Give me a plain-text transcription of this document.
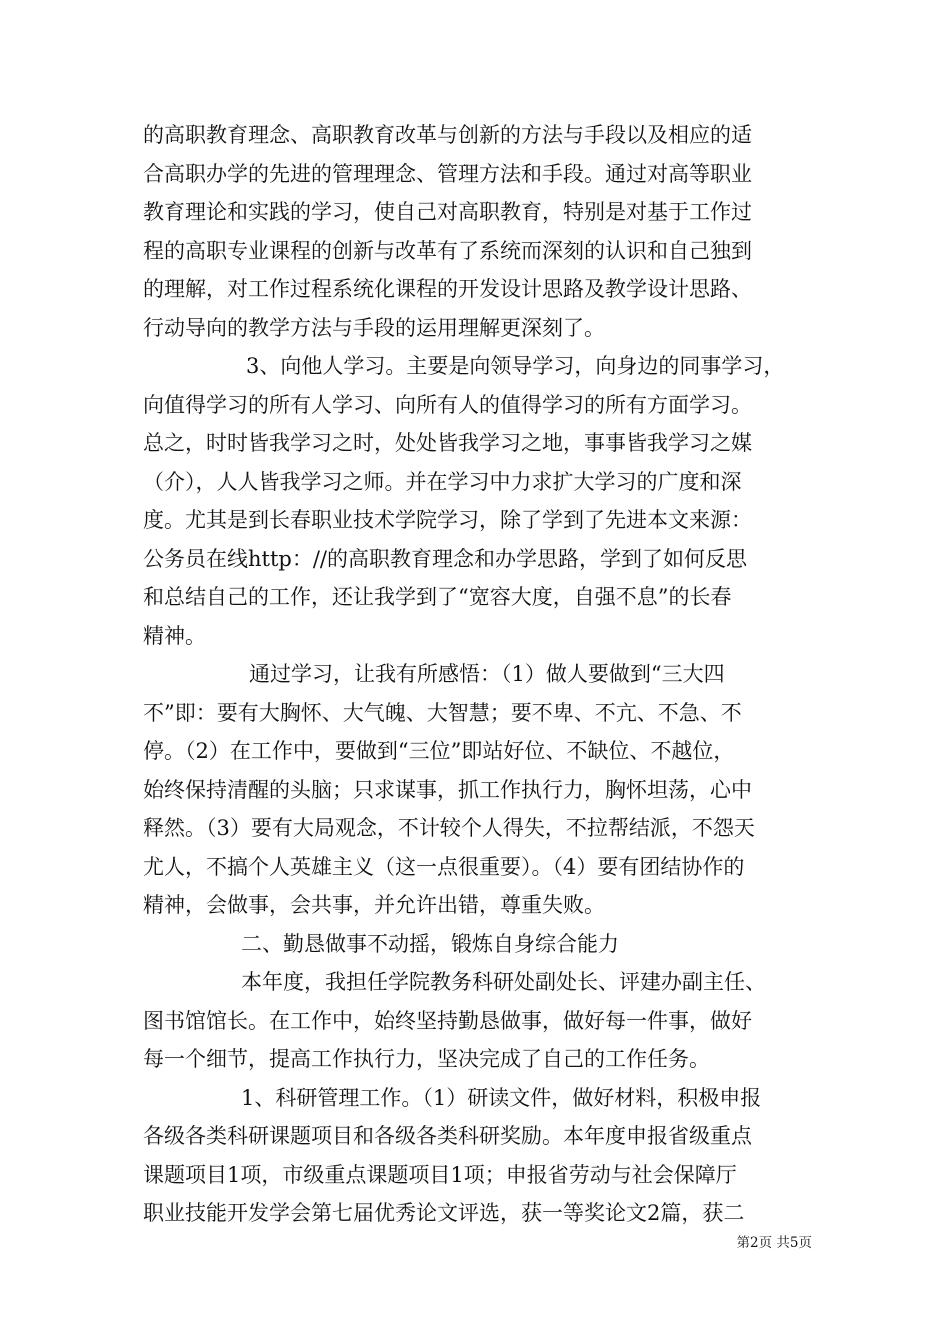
的高职教育理念、高职教育改革与创新的方法与手段以及相应的适
合高职办学的先进的管理理念、管理方法和手段。通过对高等职业
教育理论和实践的学习，使自己对高职教育，特别是对基于工作过
程的高职专业课程的创新与改革有了系统而深刻的认识和自己独到
的理解，对工作过程系统化课程的开发设计思路及教学设计思路、
行动导向的教学方法与手段的运用理解更深刻了。
3、向他人学习。主要是向领导学习，向身边的同事学习，
向值得学习的所有人学习、向所有人的值得学习的所有方面学习。
总之，时时皆我学习之时，处处皆我学习之地，事事皆我学习之媒
（介），人人皆我学习之师。并在学习中力求扩大学习的广度和深
度。尤其是到长春职业技术学院学习，除了学到了先进本文来源：
公务员在线http：//的高职教育理念和办学思路，学到了如何反思
和总结自己的工作，还让我学到了“宽容大度，自强不息”的长春
精神。
通过学习，让我有所感悟：（1）做人要做到“三大四
不”即：要有大胸怀、大气魄、大智慧；要不卑、不亢、不急、不
停。（2）在工作中，要做到“三位”即站好位、不缺位、不越位，
始终保持清醒的头脑；只求谋事，抓工作执行力，胸怀坦荡，心中
释然。（3）要有大局观念，不计较个人得失，不拉帮结派，不怨天
尤人，不搞个人英雄主义（这一点很重要）。（4）要有团结协作的
精神，会做事，会共事，并允许出错，尊重失败。
二、勤恳做事不动摇，锻炼自身综合能力
本年度，我担任学院教务科研处副处长、评建办副主任、
图书馆馆长。在工作中，始终坚持勤恳做事，做好每一件事，做好
每一个细节，提高工作执行力，坚决完成了自己的工作任务。
1、科研管理工作。（1）研读文件，做好材料，积极申报
各级各类科研课题项目和各级各类科研奖励。本年度申报省级重点
课题项目1项，市级重点课题项目1项；申报省劳动与社会保障厅
职业技能开发学会第七届优秀论文评选，获一等奖论文2篇，获二
第2页 共5页
